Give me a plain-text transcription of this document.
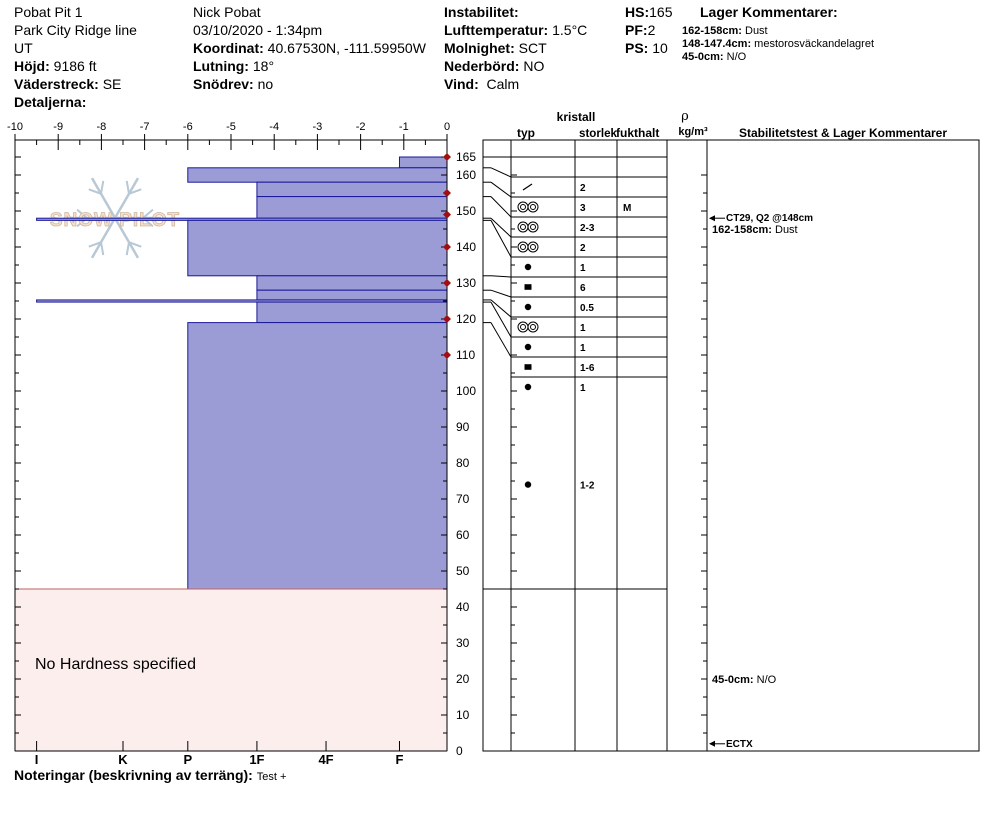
Pobat Pit 1
Park City Ridge line
UT
Höjd: 9186 ft
Väderstreck: SE
Detaljerna:
Nick Pobat
03/10/2020 - 1:34pm
Koordinat: 40.67530N, -111.59950W
Lutning: 18°
Snödrev: no
Instabilitet:
Lufttemperatur: 1.5°C
Molnighet: SCT
Nederbörd: NO
Vind: Calm
HS:165
PF:2
PS: 10
Lager Kommentarer:
162-158cm: Dust
148-147.4cm: mestorosväckandelagret
45-0cm: N/O
-10	-9	-8	-7	-6	-5	-4	-3	-2	-1	0
I	K	P	1F	4F	F
0
10
20
30
40
50
60
70
80
90
100
110
120
130
140
150
160
165
kristall
typ	storlek
fukthalt
ρ
kg/m³	Stabilitetstest & Lager Kommentarer
2
3	M
2-3
2
1
6
0.5
1
1
1-6
1
1-2
CT29, Q2 @148cm
162-158cm: Dust
45-0cm: N/O
ECTX
No Hardness specified
Noteringar (beskrivning av terräng): Test +
